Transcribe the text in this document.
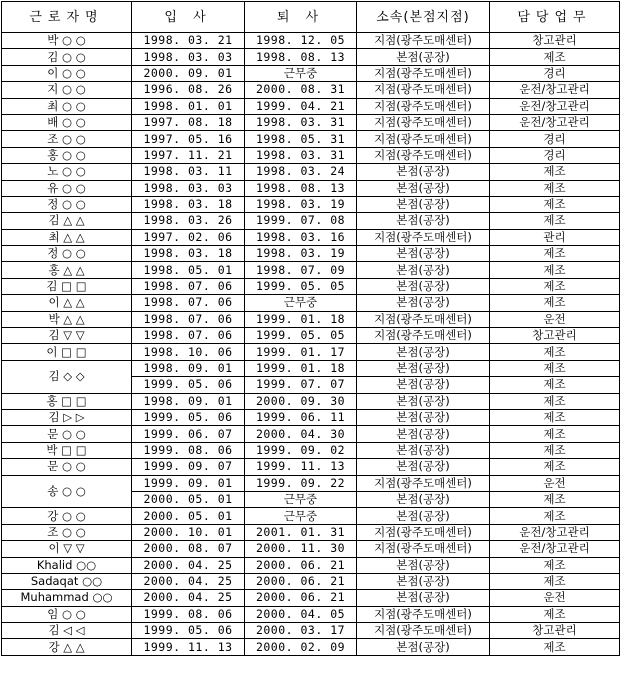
근로자명	입 사	퇴 사	소속(본점지점)	담당업무
박 ○ ○	1998. 03. 21	1998. 12. 05	지점(광주도매센터)	창고관리
김 ○ ○	1998. 03. 03	1998. 08. 13	본점(공장)	제조
이 ○ ○	2000. 09. 01	근무중	지점(광주도매센터)	경리
지 ○ ○	1996. 08. 26	2000. 08. 31	지점(광주도매센터)	운전/창고관리
최 ○ ○	1998. 01. 01	1999. 04. 21	지점(광주도매센터)	운전/창고관리
배 ○ ○	1997. 08. 18	1998. 03. 31	지점(광주도매센터)	운전/창고관리
조 ○ ○	1997. 05. 16	1998. 05. 31	지점(광주도매센터)	경리
홍 ○ ○	1997. 11. 21	1998. 03. 31	지점(광주도매센터)	경리
노 ○ ○	1998. 03. 11	1998. 03. 24	본점(공장)	제조
유 ○ ○	1998. 03. 03	1998. 08. 13	본점(공장)	제조
정 ○ ○	1998. 03. 18	1998. 03. 19	본점(공장)	제조
김 △ △	1998. 03. 26	1999. 07. 08	본점(공장)	제조
최 △ △	1997. 02. 06	1998. 03. 16	지점(광주도매센터)	관리
정 ○ ○	1998. 03. 18	1998. 03. 19	본점(공장)	제조
홍 △ △	1998. 05. 01	1998. 07. 09	본점(공장)	제조
김 □ □	1998. 07. 06	1999. 05. 05	본점(공장)	제조
이 △ △	1998. 07. 06	근무중	본점(공장)	제조
박 △ △	1998. 07. 06	1999. 01. 18	지점(광주도매센터)	운전
김 ▽ ▽	1998. 07. 06	1999. 05. 05	지점(광주도매센터)	창고관리
이 □ □	1998. 10. 06	1999. 01. 17	본점(공장)	제조
김 ◇ ◇	1998. 09. 01	1999. 01. 18	본점(공장)	제조
	1999. 05. 06	1999. 07. 07	본점(공장)	제조
홍 □ □	1998. 09. 01	2000. 09. 30	본점(공장)	제조
김 ▷ ▷	1999. 05. 06	1999. 06. 11	본점(공장)	제조
문 ○ ○	1999. 06. 07	2000. 04. 30	본점(공장)	제조
박 □ □	1999. 08. 06	1999. 09. 02	본점(공장)	제조
문 ○ ○	1999. 09. 07	1999. 11. 13	본점(공장)	제조
송 ○ ○	1999. 09. 01	1999. 09. 22	지점(광주도매센터)	운전
	2000. 05. 01	근무중	본점(공장)	제조
강 ○ ○	2000. 05. 01	근무중	본점(공장)	제조
조 ○ ○	2000. 10. 01	2001. 01. 31	지점(광주도매센터)	운전/창고관리
이 ▽ ▽	2000. 08. 07	2000. 11. 30	지점(광주도매센터)	운전/창고관리
Khalid ○○	2000. 04. 25	2000. 06. 21	본점(공장)	제조
Sadaqat ○○	2000. 04. 25	2000. 06. 21	본점(공장)	제조
Muhammad ○○	2000. 04. 25	2000. 06. 21	본점(공장)	운전
임 ○ ○	1999. 08. 06	2000. 04. 05	지점(광주도매센터)	제조
김 ◁ ◁	1999. 05. 06	2000. 03. 17	지점(광주도매센터)	창고관리
강 △ △	1999. 11. 13	2000. 02. 09	본점(공장)	제조
